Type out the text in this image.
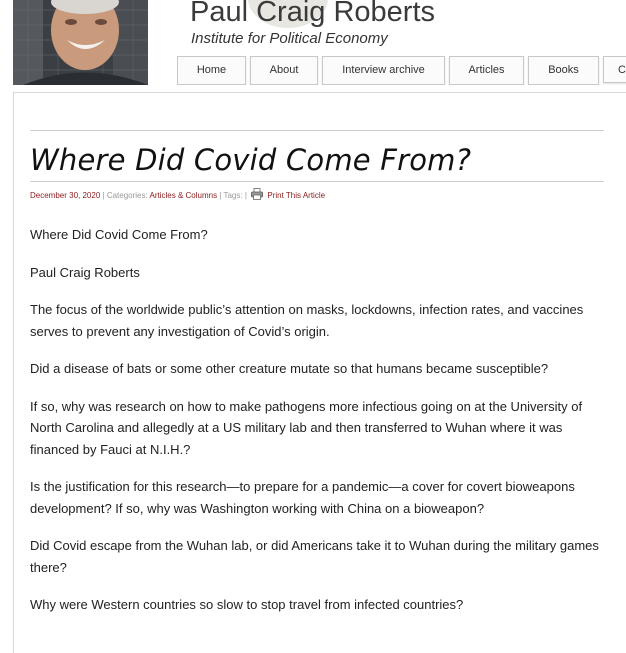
Paul Craig Roberts
Institute for Political Economy
Home	About	Interview archive	Articles	Books	C
Where Did Covid Come From?
December 30, 2020 | Categories: Articles & Columns | Tags: |	Print This Article

Where Did Covid Come From?

Paul Craig Roberts

The focus of the worldwide public’s attention on masks, lockdowns, infection rates, and vaccines serves to prevent any investigation of Covid’s origin.

Did a disease of bats or some other creature mutate so that humans became susceptible?

If so, why was research on how to make pathogens more infectious going on at the University of North Carolina and allegedly at a US military lab and then transferred to Wuhan where it was financed by Fauci at N.I.H.?

Is the justification for this research—to prepare for a pandemic—a cover for covert bioweapons development? If so, why was Washington working with China on a bioweapon?

Did Covid escape from the Wuhan lab, or did Americans take it to Wuhan during the military games there?

Why were Western countries so slow to stop travel from infected countries?
